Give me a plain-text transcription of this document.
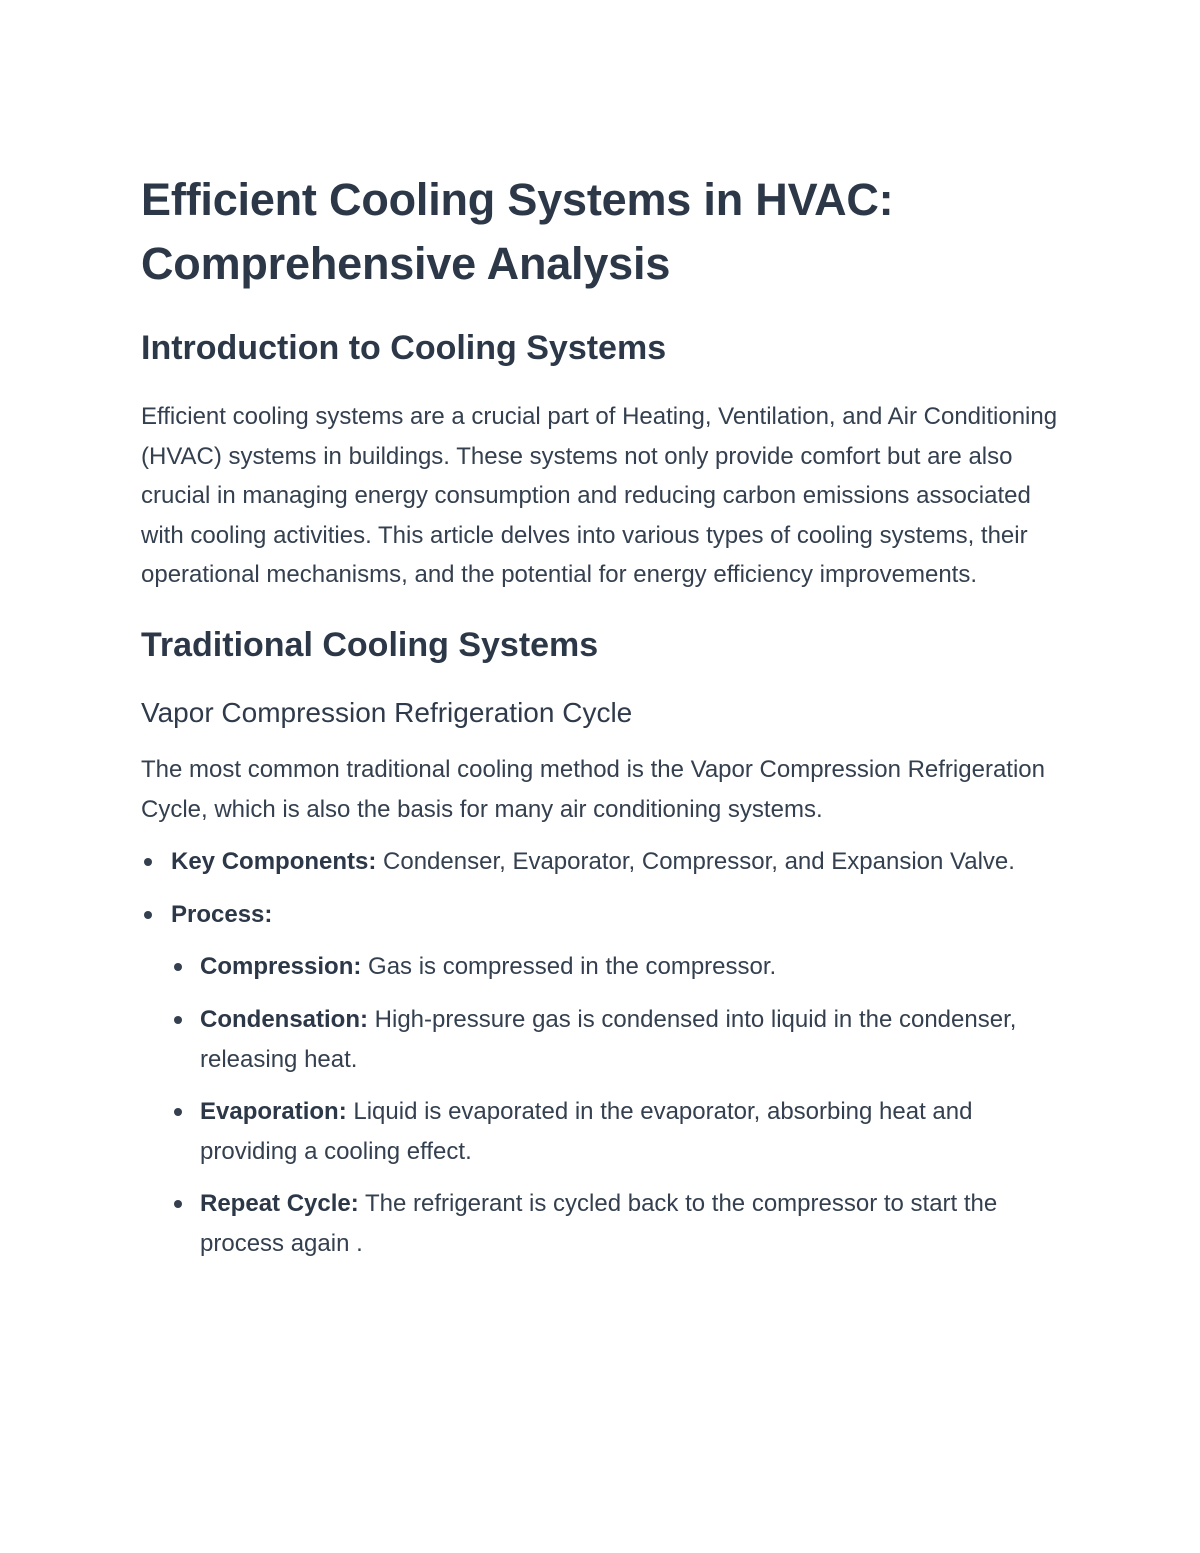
Efficient Cooling Systems in HVAC: Comprehensive Analysis
Introduction to Cooling Systems

Efficient cooling systems are a crucial part of Heating, Ventilation, and Air Conditioning (HVAC) systems in buildings. These systems not only provide comfort but are also crucial in managing energy consumption and reducing carbon emissions associated with cooling activities. This article delves into various types of cooling systems, their operational mechanisms, and the potential for energy efficiency improvements.

Traditional Cooling Systems
Vapor Compression Refrigeration Cycle

The most common traditional cooling method is the Vapor Compression Refrigeration Cycle, which is also the basis for many air conditioning systems.

Key Components: Condenser, Evaporator, Compressor, and Expansion Valve.
Process:
Compression: Gas is compressed in the compressor.
Condensation: High-pressure gas is condensed into liquid in the condenser, releasing heat.
Evaporation: Liquid is evaporated in the evaporator, absorbing heat and providing a cooling effect.
Repeat Cycle: The refrigerant is cycled back to the compressor to start the process again .
